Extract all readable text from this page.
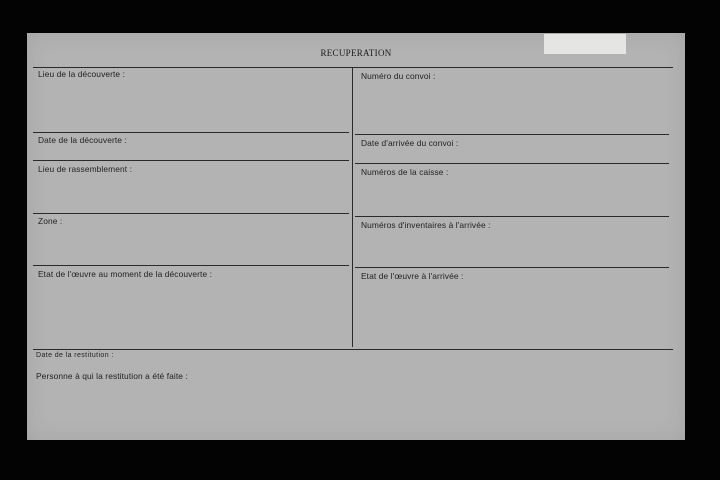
RECUPERATION
Lieu de la découverte :
Date de la découverte :
Lieu de rassemblement :
Zone :
Etat de l'œuvre au moment de la découverte :
Numéro du convoi :
Date d'arrivée du convoi :
Numéros de la caisse :
Numéros d'inventaires à l'arrivée :
Etat de l'œuvre à l'arrivée :
Date de la restitution :
Personne à qui la restitution a été faite :
